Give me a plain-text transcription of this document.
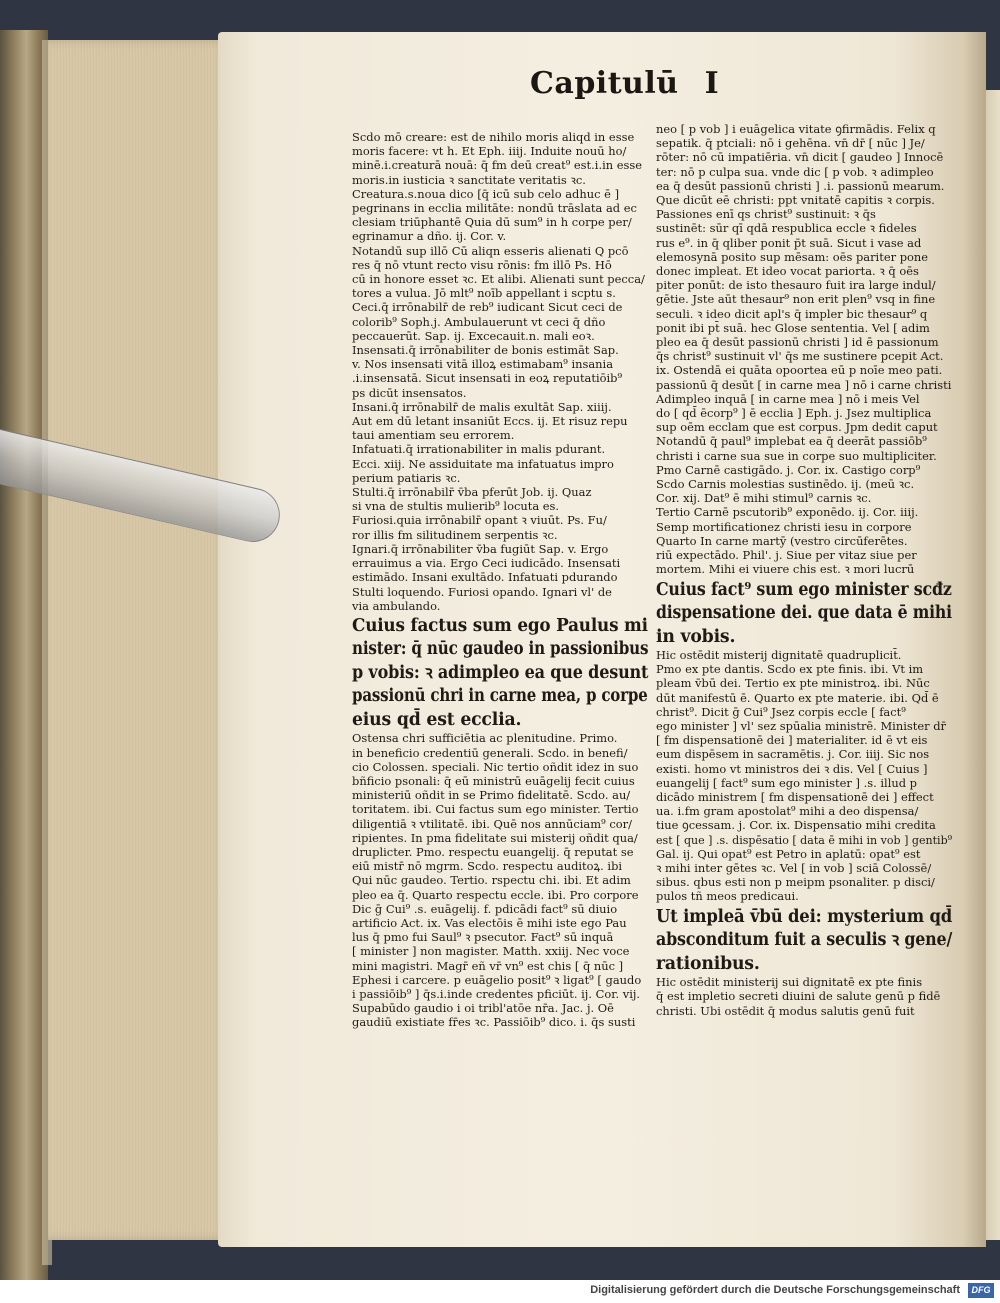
Capitulū I

Scdo mō creare: est de nihilo moris aliqd in esse

moris facere: vt h. Et Eph. iiij. Induite nouū ho/

minē.i.creaturā nouā: q̄ fm deū creat⁹ est.i.in esse

moris.in iusticia ꝛ sanctitate veritatis ꝛc.

Creatura.s.noua dico [q̄ icū sub celo adhuc ē ]

pegrinans in ecclia militāte: nondū trāslata ad ec

clesiam triūphantē Quia dū sum⁹ in h corpe per/

egrinamur a dño. ij. Cor. v.

Notandū sup illō Cū aliqn esseris alienati Q pcō

res q̄ nō vtunt recto visu rōnis: fm illō Ps. Hō

cū in honore esset ꝛc. Et alibi. Alienati sunt pecca/

tores a vulua. Jō mlt⁹ noīb appellant i scptu s.

Ceci.q̄ irrōnabilr̄ de reb⁹ iudicant Sicut ceci de

colorib⁹ Soph.j. Ambulauerunt vt ceci q̄ dño

peccauerūt. Sap. ij. Excecauit.n. mali eoꝛ.

Insensati.q̄ irrōnabiliter de bonis estimāt Sap.

v. Nos insensati vitā illoꝝ estimabam⁹ insania

.i.insensatā. Sicut insensati in eoꝝ reputatiōib⁹

ps dicūt insensatos.

Insani.q̄ irrōnabilr̄ de malis exultāt Sap. xiiij.

Aut em dū letant insaniūt Eccs. ij. Et risuz repu

taui amentiam seu errorem.

Infatuati.q̄ irrationabiliter in malis pdurant.

Ecci. xiij. Ne assiduitate ma infatuatus impro

perium patiaris ꝛc.

Stulti.q̄ irrōnabilr̄ v̄ba pferūt Job. ij. Quaz

si vna de stultis mulierib⁹ locuta es.

Furiosi.quia irrōnabilr̄ opant ꝛ viuūt. Ps. Fu/

ror illis fm silitudinem serpentis ꝛc.

Ignari.q̄ irrōnabiliter v̄ba fugiūt Sap. v. Ergo

errauimus a via. Ergo Ceci iudicādo. Insensati

estimādo. Insani exultādo. Infatuati pdurando

Stulti loquendo. Furiosi opando. Ignari vl' de

via ambulando.

Cuius factus sum ego Paulus mi

nister: q̄ nūc gaudeo in passionibus

p vobis: ꝛ adimpleo ea que desunt

passionū chri in carne mea, p corpe

eius qd̄ est ecclia.

Ostensa chri sufficiētia ac plenitudine. Primo.

in beneficio credentiū generali. Scdo. in benefi/

cio Colossen. speciali. Nic tertio oñdit idez in suo

bñficio psonali: q̄ eū ministrū euāgelij fecit cuius

ministeriū oñdit in se Primo fidelitatē. Scdo. au/

toritatem. ibi. Cui factus sum ego minister. Tertio

diligentiā ꝛ vtilitatē. ibi. Quē nos annūciam⁹ cor/

ripientes. In pma fidelitate sui misterij oñdit qua/

druplicter. Pmo. respectu euangelij. q̄ reputat se

eiū mistr̄ nō mgrm. Scdo. respectu auditoꝝ. ibi

Qui nūc gaudeo. Tertio. rspectu chi. ibi. Et adim

pleo ea q̄. Quarto respectu eccle. ibi. Pro corpore

Dic ḡ Cui⁹ .s. euāgelij. f. pdicādi fact⁹ sū diuio

artificio Act. ix. Vas electōis ē mihi iste ego Pau

lus q̄ pmo fui Saul⁹ ꝛ psecutor. Fact⁹ sū inquā

[ minister ] non magister. Matth. xxiij. Nec voce

mini magistri. Magr̄ eñ vr̄ vn⁹ est chis [ q̄ nūc ]

Ephesi i carcere. p euāgelio posit⁹ ꝛ ligat⁹ [ gaudo

i passiōib⁹ ] q̄s.i.inde credentes pficiūt. ij. Cor. vij.

Supabūdo gaudio i oi tribl'atōe nr̄a. Jac. j. Oē

gaudiū existiate fr̄es ꝛc. Passiōib⁹ dico. i. q̄s susti

neo [ p vob ] i euāgelica vitate ꝯfirmādis. Felix q

sepatik. q̄ ptciali: nō i gehēna. vn̄ dr̄ [ nūc ] Je/

rōter: nō cū impatiēria. vn̄ dicit [ gaudeo ] Innocē

ter: nō p culpa sua. vnde dic [ p vob. ꝛ adimpleo

ea q̄ desūt passionū christi ] .i. passionū mearum.

Que dicūt eē christi: ppt vnitatē capitis ꝛ corpis.

Passiones enī qs christ⁹ sustinuit: ꝛ q̄s

sustinēt: sūr qī qdā respublica eccle ꝛ fideles

rus e⁹. in q̄ qliber ponit p̄t suā. Sicut i vase ad

elemosynā posito sup mēsam: oēs pariter pone

donec impleat. Et ideo vocat pariorta. ꝛ q̄ oēs

piter ponūt: de isto thesauro fuit ira large indul/

gētie. Jste aūt thesaur⁹ non erit plen⁹ vsq in fine

seculi. ꝛ ideo dicit apl's q̄ impler bic thesaur⁹ q

ponit ibi pt̄ suā. hec Glose sententia. Vel [ adim

pleo ea q̄ desūt passionū christi ] id ē passionum

q̄s christ⁹ sustinuit vl' q̄s me sustinere pcepit Act.

ix. Ostendā ei quāta opoortea eū p noīe meo pati.

passionū q̄ desūt [ in carne mea ] nō i carne christi

Adimpleo inquā [ in carne mea ] nō i meis Vel

do [ qd̄ ēcorp⁹ ] ē ecclia ] Eph. j. Jsez multiplica

sup oēm ecclam que est corpus. Jpm dedit caput

Notandū q̄ paul⁹ implebat ea q̄ deerāt passiōb⁹

christi i carne sua sue in corpe suo multipliciter.

Pmo Carnē castigādo. j. Cor. ix. Castigo corp⁹

Scdo Carnis molestias sustinēdo. ij. (meū ꝛc.

Cor. xij. Dat⁹ ē mihi stimul⁹ carnis ꝛc.

Tertio Carnē pscutorib⁹ exponēdo. ij. Cor. iiij.

Semp mortificationez christi iesu in corpore

Quarto In carne martȳ (vestro circūferētes.

riū expectādo. Phil'. j. Siue per vitaz siue per

mortem. Mihi ei viuere chis est. ꝛ mori lucrū

Cuius fact⁹ sum ego minister scđz

dispensatione dei. que data ē mihi

in vobis.

Hic ostēdit misterij dignitatē quadruplicit̄.

Pmo ex pte dantis. Scdo ex pte finis. ibi. Vt im

pleam v̄bū dei. Tertio ex pte ministroꝝ. ibi. Nūc

dūt manifestū ē. Quarto ex pte materie. ibi. Qd̄ ē

christ⁹. Dicit ḡ Cui⁹ Jsez corpis eccle [ fact⁹

ego minister ] vl' sez spūalia ministrē. Minister dr̄

[ fm dispensationē dei ] materialiter. id ē vt eis

eum dispēsem in sacramētis. j. Cor. iiij. Sic nos

existi. homo vt ministros dei ꝛ dis. Vel [ Cuius ]

euangelij [ fact⁹ sum ego minister ] .s. illud p

dicādo ministrem [ fm dispensationē dei ] effect

ua. i.fm gram apostolat⁹ mihi a deo dispensa/

tiue ꝯcessam. j. Cor. ix. Dispensatio mihi credita

est [ que ] .s. dispēsatio [ data ē mihi in vob ] gentib⁹

Gal. ij. Qui opat⁹ est Petro in aplatū: opat⁹ est

ꝛ mihi inter gētes ꝛc. Vel [ in vob ] sciā Colossē/

sibus. qbus esti non p meipm psonaliter. p disci/

pulos tñ meos predicaui.

Ut impleā v̄bū dei: mysterium qd̄

absconditum fuit a seculis ꝛ gene/

rationibus.

Hic ostēdit ministerij sui dignitatē ex pte finis

q̄ est impletio secreti diuini de salute genū p fidē

christi. Ubi ostēdit q̄ modus salutis genū fuit

Digitalisierung gefördert durch die Deutsche Forschungsgemeinschaft	DFG
